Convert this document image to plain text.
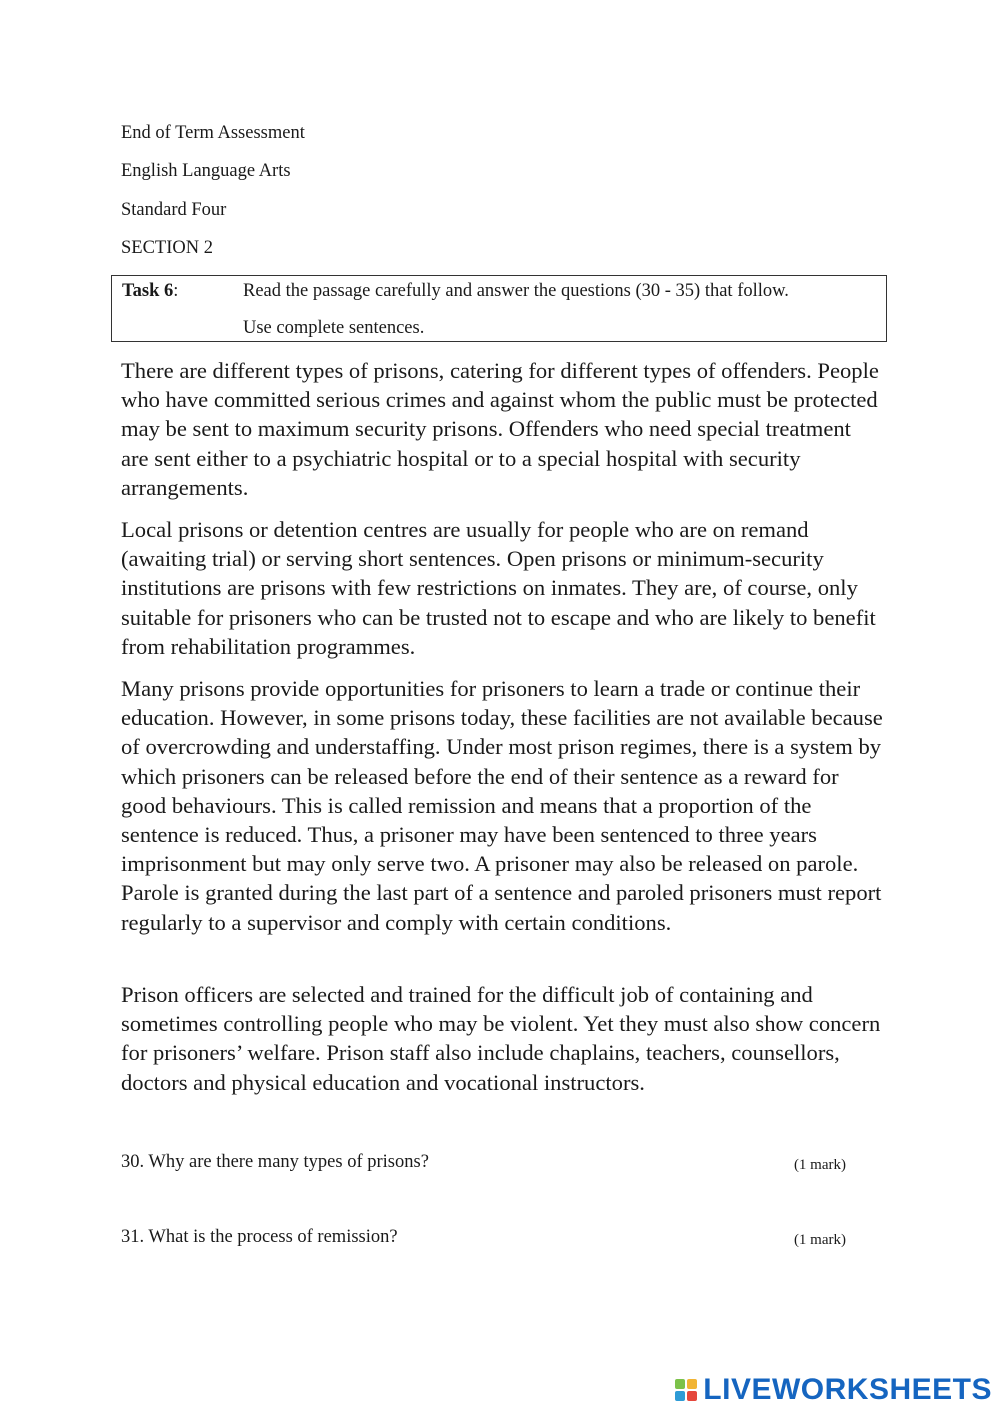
End of Term Assessment
English Language Arts
Standard Four
SECTION 2
Task 6:	Read the passage carefully and answer the questions (30 - 35) that follow.
Use complete sentences.

There are different types of prisons, catering for different types of offenders. People who have committed serious crimes and against whom the public must be protected may be sent to maximum security prisons. Offenders who need special treatment are sent either to a psychiatric hospital or to a special hospital with security arrangements.

Local prisons or detention centres are usually for people who are on remand (awaiting trial) or serving short sentences. Open prisons or minimum-security institutions are prisons with few restrictions on inmates. They are, of course, only suitable for prisoners who can be trusted not to escape and who are likely to benefit from rehabilitation programmes.

Many prisons provide opportunities for prisoners to learn a trade or continue their education. However, in some prisons today, these facilities are not available because of overcrowding and understaffing. Under most prison regimes, there is a system by which prisoners can be released before the end of their sentence as a reward for good behaviours. This is called remission and means that a proportion of the sentence is reduced. Thus, a prisoner may have been sentenced to three years imprisonment but may only serve two. A prisoner may also be released on parole. Parole is granted during the last part of a sentence and paroled prisoners must report regularly to a supervisor and comply with certain conditions.

Prison officers are selected and trained for the difficult job of containing and sometimes controlling people who may be violent. Yet they must also show concern for prisoners’ welfare. Prison staff also include chaplains, teachers, counsellors, doctors and physical education and vocational instructors.

30. Why are there many types of prisons?	(1 mark)
31. What is the process of remission?	(1 mark)
LIVEWORKSHEETS
